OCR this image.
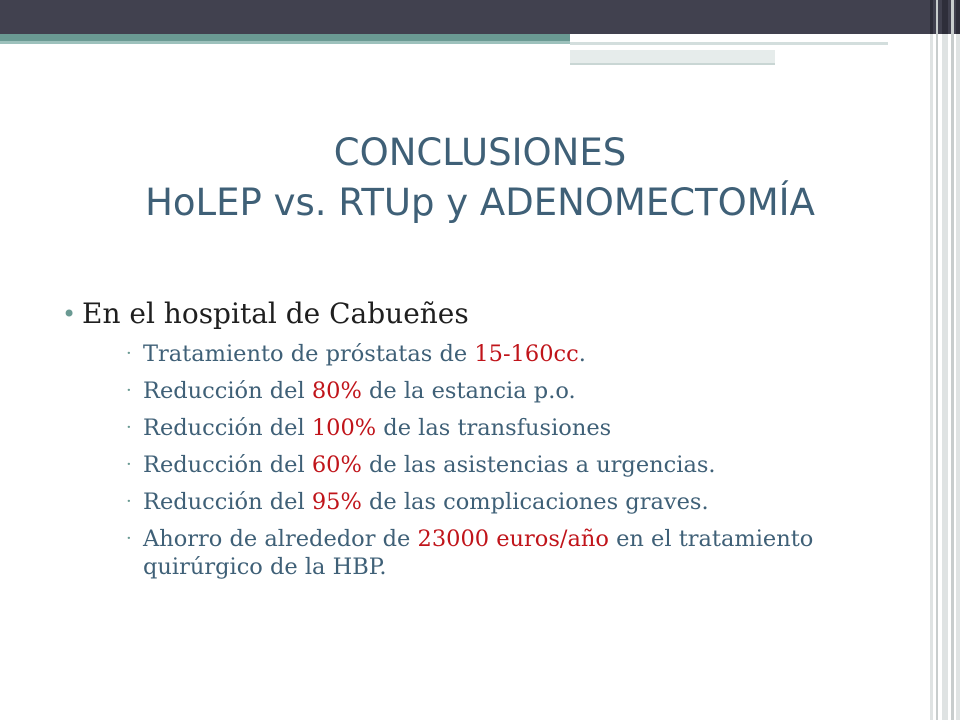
CONCLUSIONES
HoLEP vs. RTUp y ADENOMECTOMÍA
• En el hospital de Cabueñes
· Tratamiento de próstatas de 15-160cc.
· Reducción del 80% de la estancia p.o.
· Reducción del 100% de las transfusiones
· Reducción del 60% de las asistencias a urgencias.
· Reducción del 95% de las complicaciones graves.
· Ahorro de alrededor de 23000 euros/año en el tratamiento quirúrgico de la HBP.
